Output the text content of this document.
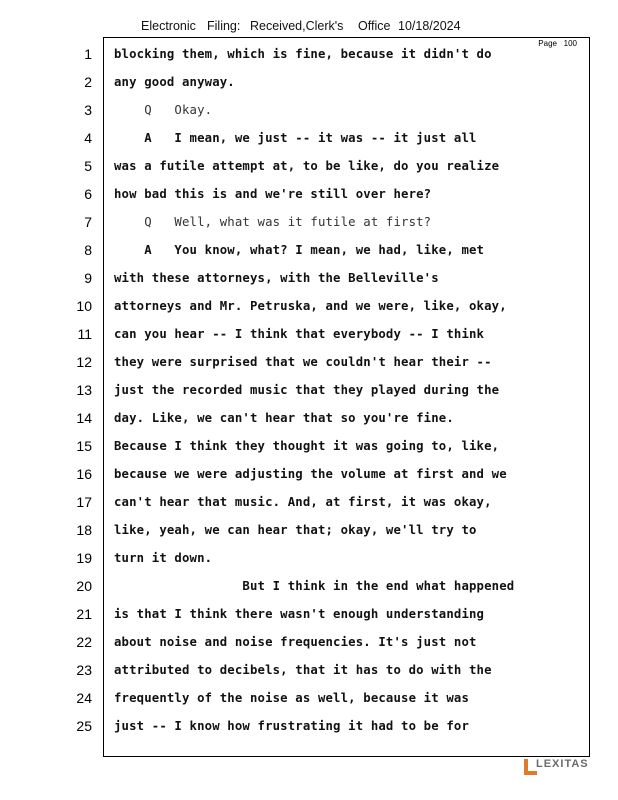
Electronic Filing: Received,Clerk's Office 10/18/2024
Page 100
1
2
3
4
5
6
7
8
9
10
11
12
13
14
15
16
17
18
19
20
21
22
23
24
25
blocking them, which is fine, because it didn't do
any good anyway.
Q   Okay.
A   I mean, we just -- it was -- it just all
was a futile attempt at, to be like, do you realize
how bad this is and we're still over here?
Q   Well, what was it futile at first?
A   You know, what? I mean, we had, like, met
with these attorneys, with the Belleville's
attorneys and Mr. Petruska, and we were, like, okay,
can you hear -- I think that everybody -- I think
they were surprised that we couldn't hear their --
just the recorded music that they played during the
day. Like, we can't hear that so you're fine.
Because I think they thought it was going to, like,
because we were adjusting the volume at first and we
can't hear that music. And, at first, it was okay,
like, yeah, we can hear that; okay, we'll try to
turn it down.
But I think in the end what happened
is that I think there wasn't enough understanding
about noise and noise frequencies. It's just not
attributed to decibels, that it has to do with the
frequently of the noise as well, because it was
just -- I know how frustrating it had to be for
LEXITAS
